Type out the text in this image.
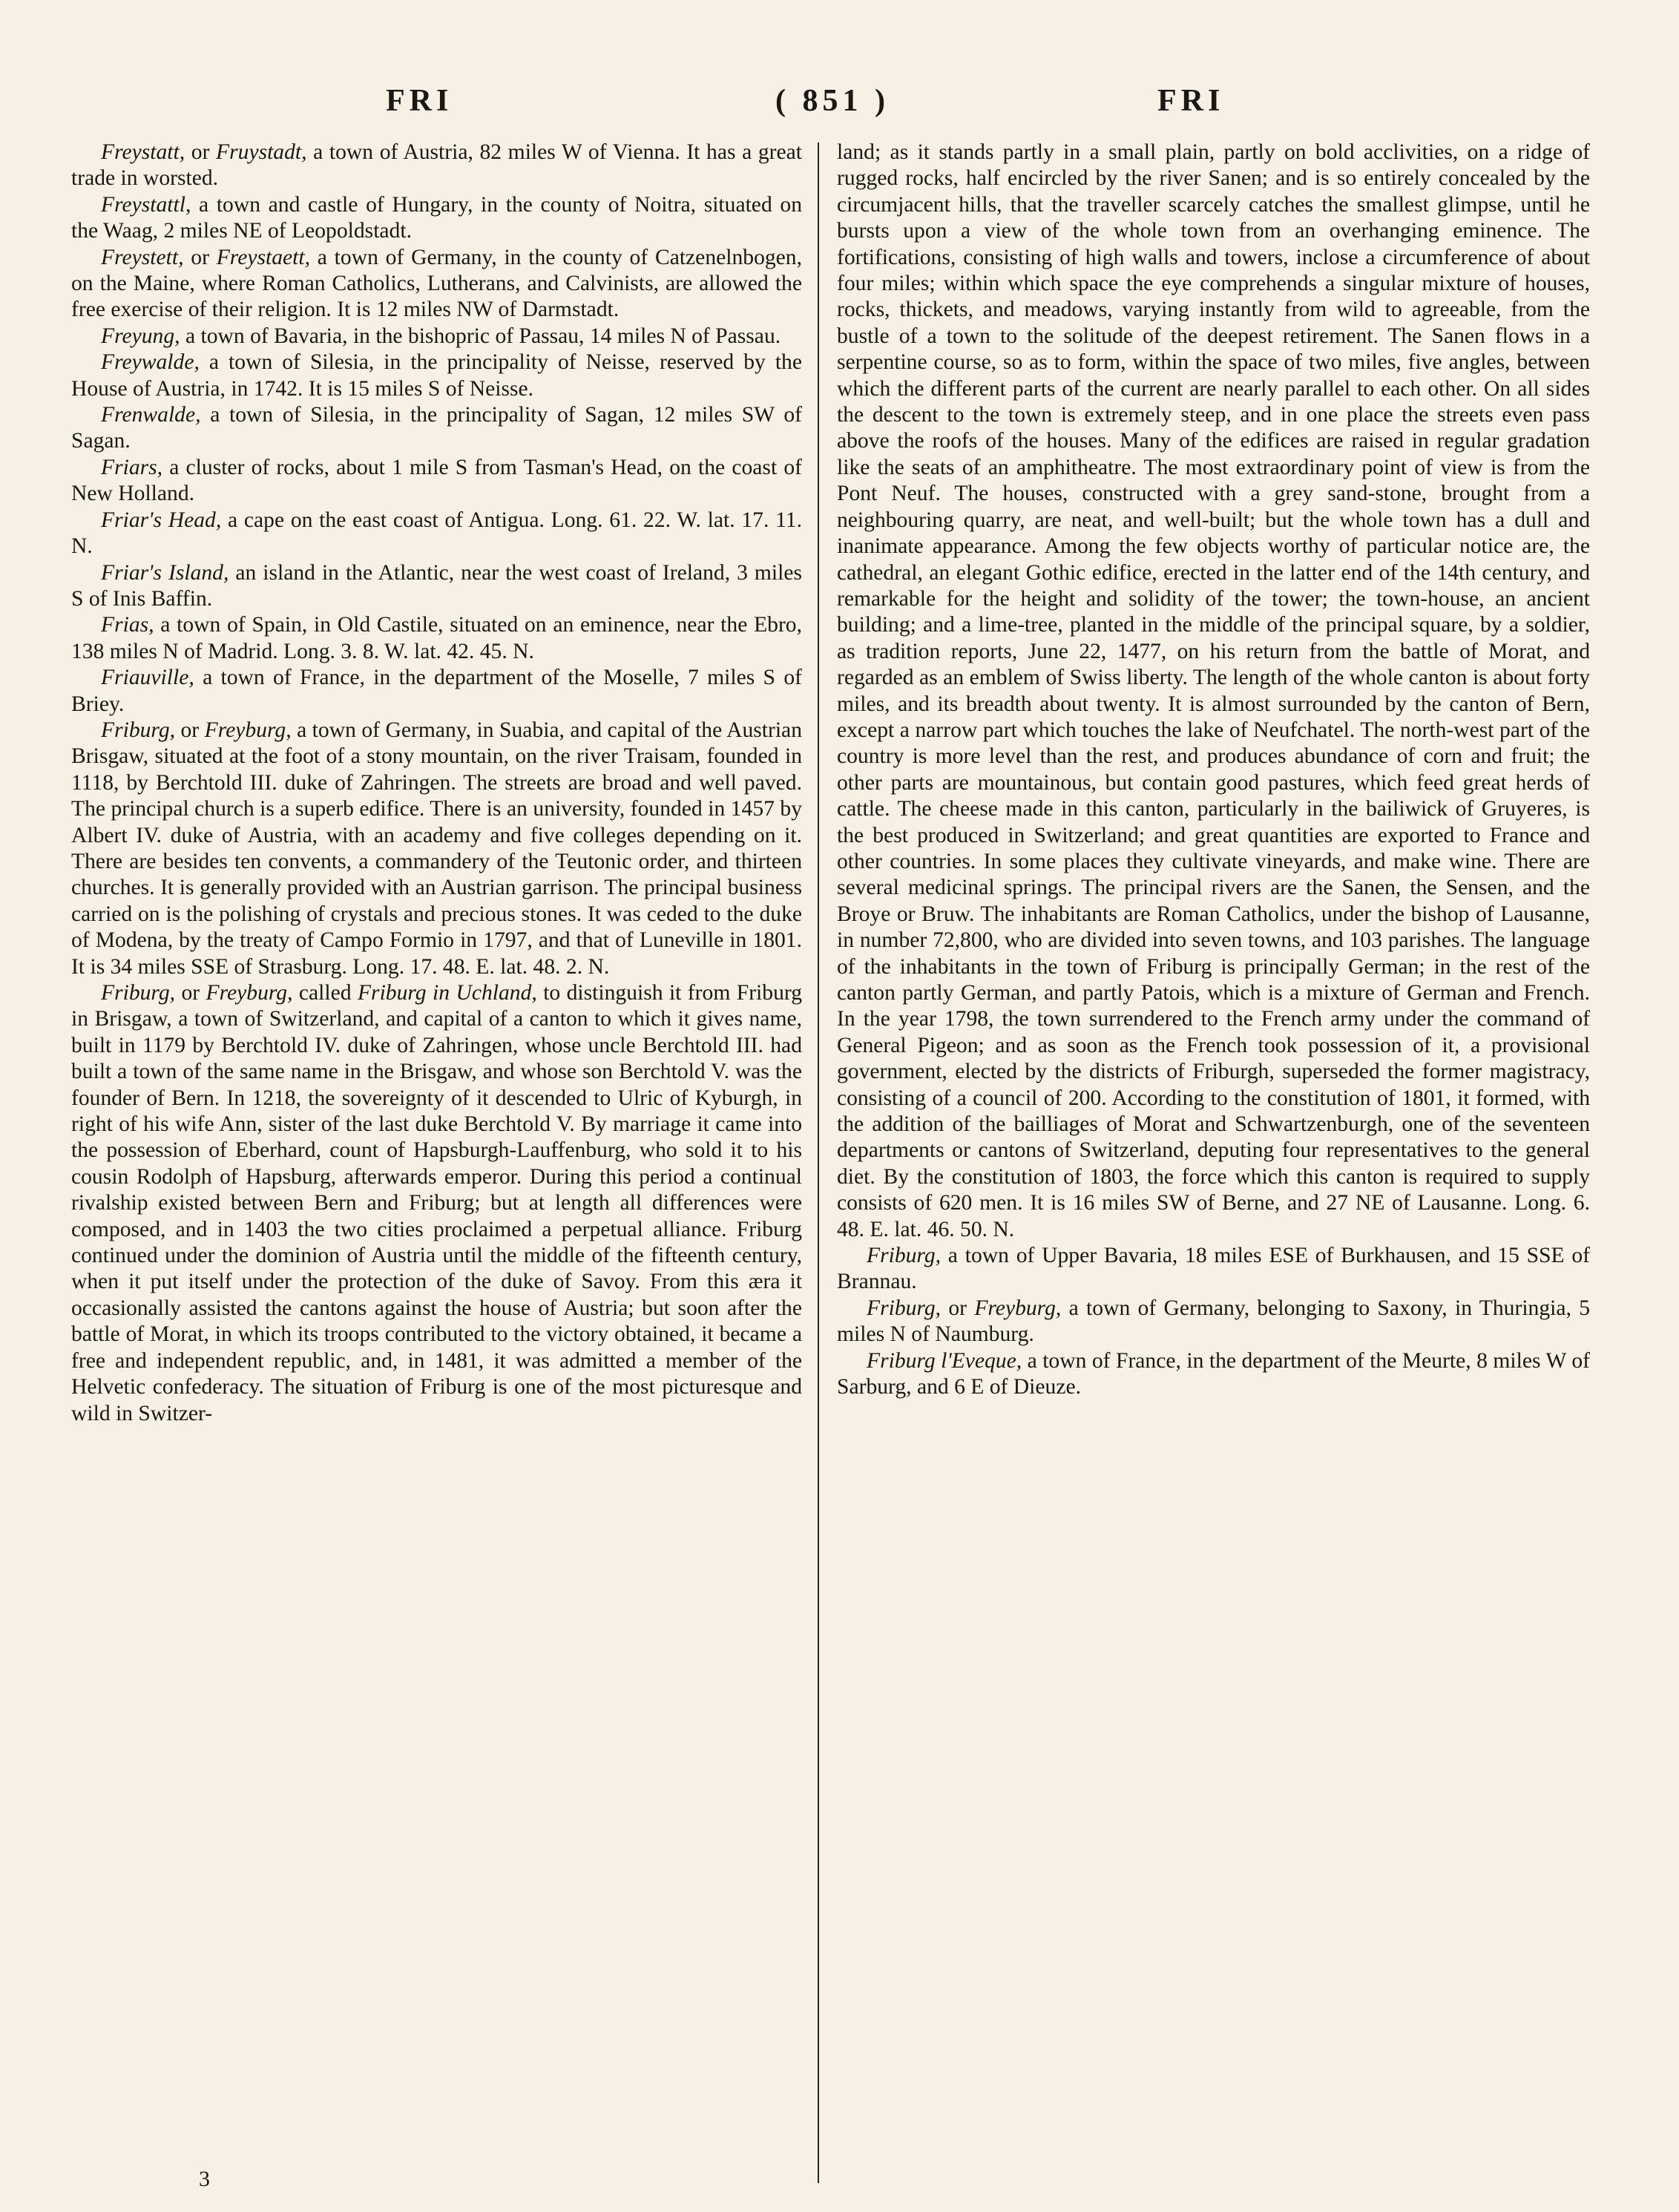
FRI	( 851 )	FRI

Freystatt, or Fruystadt, a town of Austria, 82 miles W of Vienna. It has a great trade in worsted.

Freystattl, a town and castle of Hungary, in the county of Noitra, situated on the Waag, 2 miles NE of Leopoldstadt.

Freystett, or Freystaett, a town of Germany, in the county of Catzenelnbogen, on the Maine, where Roman Catholics, Lutherans, and Calvinists, are allowed the free exercise of their religion. It is 12 miles NW of Darmstadt.

Freyung, a town of Bavaria, in the bishopric of Passau, 14 miles N of Passau.

Freywalde, a town of Silesia, in the principality of Neisse, reserved by the House of Austria, in 1742. It is 15 miles S of Neisse.

Frenwalde, a town of Silesia, in the principality of Sagan, 12 miles SW of Sagan.

Friars, a cluster of rocks, about 1 mile S from Tasman's Head, on the coast of New Holland.

Friar's Head, a cape on the east coast of Antigua. Long. 61. 22. W. lat. 17. 11. N.

Friar's Island, an island in the Atlantic, near the west coast of Ireland, 3 miles S of Inis Baffin.

Frias, a town of Spain, in Old Castile, situated on an eminence, near the Ebro, 138 miles N of Madrid. Long. 3. 8. W. lat. 42. 45. N.

Friauville, a town of France, in the department of the Moselle, 7 miles S of Briey.

Friburg, or Freyburg, a town of Germany, in Suabia, and capital of the Austrian Brisgaw, situated at the foot of a stony mountain, on the river Traisam, founded in 1118, by Berchtold III. duke of Zahringen. The streets are broad and well paved. The principal church is a superb edifice. There is an university, founded in 1457 by Albert IV. duke of Austria, with an academy and five colleges depending on it. There are besides ten convents, a commandery of the Teutonic order, and thirteen churches. It is generally provided with an Austrian garrison. The principal business carried on is the polishing of crystals and precious stones. It was ceded to the duke of Modena, by the treaty of Campo Formio in 1797, and that of Luneville in 1801. It is 34 miles SSE of Strasburg. Long. 17. 48. E. lat. 48. 2. N.

Friburg, or Freyburg, called Friburg in Uchland, to distinguish it from Friburg in Brisgaw, a town of Switzerland, and capital of a canton to which it gives name, built in 1179 by Berchtold IV. duke of Zahringen, whose uncle Berchtold III. had built a town of the same name in the Brisgaw, and whose son Berchtold V. was the founder of Bern. In 1218, the sovereignty of it descended to Ulric of Kyburgh, in right of his wife Ann, sister of the last duke Berchtold V. By marriage it came into the possession of Eberhard, count of Hapsburgh-Lauffenburg, who sold it to his cousin Rodolph of Hapsburg, afterwards emperor. During this period a continual rivalship existed between Bern and Friburg; but at length all differences were composed, and in 1403 the two cities proclaimed a perpetual alliance. Friburg continued under the dominion of Austria until the middle of the fifteenth century, when it put itself under the protection of the duke of Savoy. From this æra it occasionally assisted the cantons against the house of Austria; but soon after the battle of Morat, in which its troops contributed to the victory obtained, it became a free and independent republic, and, in 1481, it was admitted a member of the Helvetic confederacy. The situation of Friburg is one of the most picturesque and wild in Switzer-

land; as it stands partly in a small plain, partly on bold acclivities, on a ridge of rugged rocks, half encircled by the river Sanen; and is so entirely concealed by the circumjacent hills, that the traveller scarcely catches the smallest glimpse, until he bursts upon a view of the whole town from an overhanging eminence. The fortifications, consisting of high walls and towers, inclose a circumference of about four miles; within which space the eye comprehends a singular mixture of houses, rocks, thickets, and meadows, varying instantly from wild to agreeable, from the bustle of a town to the solitude of the deepest retirement. The Sanen flows in a serpentine course, so as to form, within the space of two miles, five angles, between which the different parts of the current are nearly parallel to each other. On all sides the descent to the town is extremely steep, and in one place the streets even pass above the roofs of the houses. Many of the edifices are raised in regular gradation like the seats of an amphitheatre. The most extraordinary point of view is from the Pont Neuf. The houses, constructed with a grey sand-stone, brought from a neighbouring quarry, are neat, and well-built; but the whole town has a dull and inanimate appearance. Among the few objects worthy of particular notice are, the cathedral, an elegant Gothic edifice, erected in the latter end of the 14th century, and remarkable for the height and solidity of the tower; the town-house, an ancient building; and a lime-tree, planted in the middle of the principal square, by a soldier, as tradition reports, June 22, 1477, on his return from the battle of Morat, and regarded as an emblem of Swiss liberty. The length of the whole canton is about forty miles, and its breadth about twenty. It is almost surrounded by the canton of Bern, except a narrow part which touches the lake of Neufchatel. The north-west part of the country is more level than the rest, and produces abundance of corn and fruit; the other parts are mountainous, but contain good pastures, which feed great herds of cattle. The cheese made in this canton, particularly in the bailiwick of Gruyeres, is the best produced in Switzerland; and great quantities are exported to France and other countries. In some places they cultivate vineyards, and make wine. There are several medicinal springs. The principal rivers are the Sanen, the Sensen, and the Broye or Bruw. The inhabitants are Roman Catholics, under the bishop of Lausanne, in number 72,800, who are divided into seven towns, and 103 parishes. The language of the inhabitants in the town of Friburg is principally German; in the rest of the canton partly German, and partly Patois, which is a mixture of German and French. In the year 1798, the town surrendered to the French army under the command of General Pigeon; and as soon as the French took possession of it, a provisional government, elected by the districts of Friburgh, superseded the former magistracy, consisting of a council of 200. According to the constitution of 1801, it formed, with the addition of the bailliages of Morat and Schwartzenburgh, one of the seventeen departments or cantons of Switzerland, deputing four representatives to the general diet. By the constitution of 1803, the force which this canton is required to supply consists of 620 men. It is 16 miles SW of Berne, and 27 NE of Lausanne. Long. 6. 48. E. lat. 46. 50. N.

Friburg, a town of Upper Bavaria, 18 miles ESE of Burkhausen, and 15 SSE of Brannau.

Friburg, or Freyburg, a town of Germany, belonging to Saxony, in Thuringia, 5 miles N of Naumburg.

Friburg l'Eveque, a town of France, in the department of the Meurte, 8 miles W of Sarburg, and 6 E of Dieuze.

3
